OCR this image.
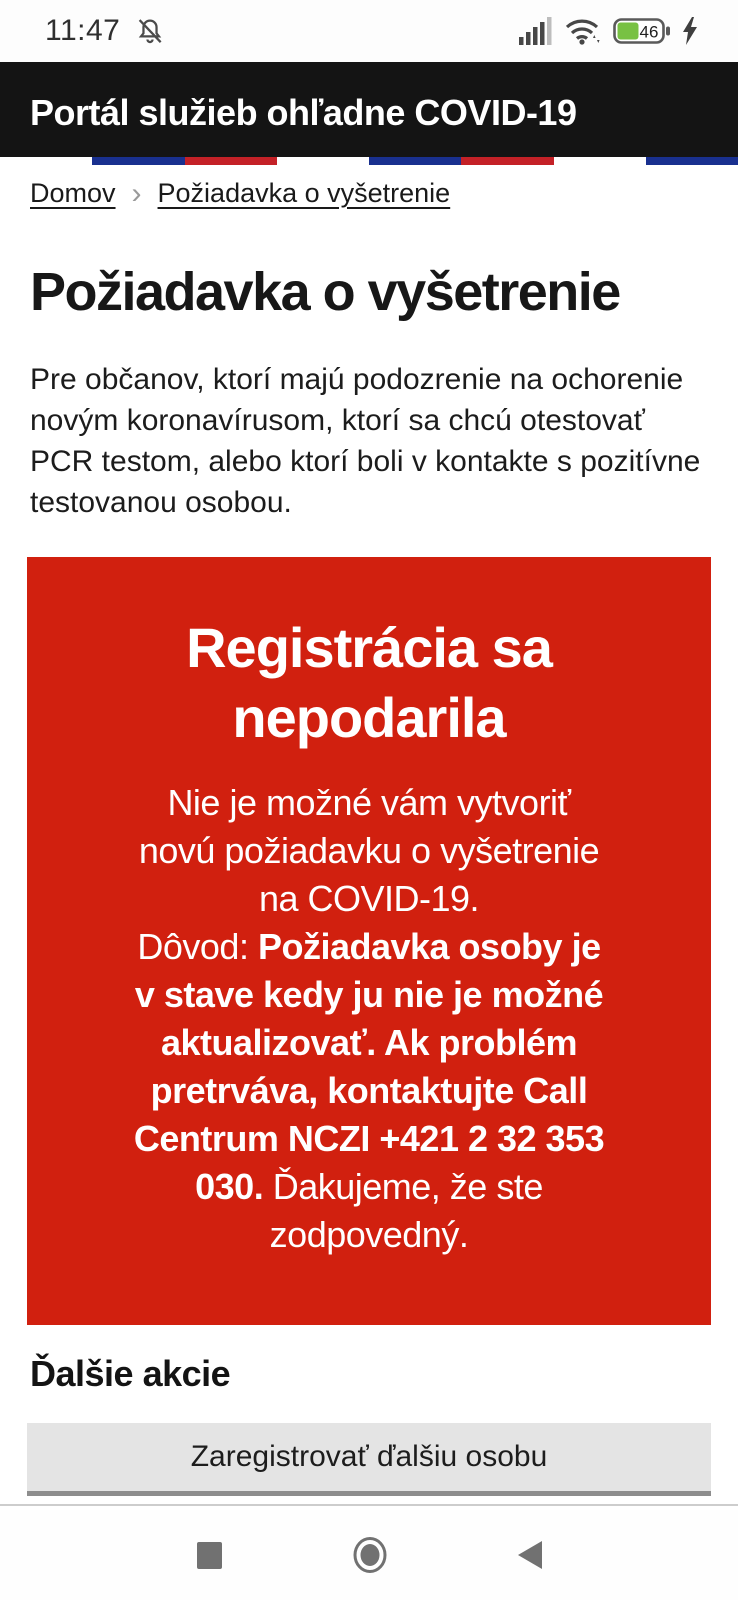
11:47	46
Portál služieb ohľadne COVID-19
Domov › Požiadavka o vyšetrenie
Požiadavka o vyšetrenie

Pre občanov, ktorí majú podozrenie na ochorenie novým koronavírusom, ktorí sa chcú otestovať PCR testom, alebo ktorí boli v kontakte s pozitívne testovanou osobou.

Registrácia sa nepodarila

Nie je možné vám vytvoriť
novú požiadavku o vyšetrenie
na COVID-19.
Dôvod: Požiadavka osoby je
v stave kedy ju nie je možné
aktualizovať. Ak problém
pretrváva, kontaktujte Call
Centrum NCZI +421 2 32 353
030. Ďakujeme, že ste
zodpovedný.

Ďalšie akcie
Zaregistrovať ďalšiu osobu
